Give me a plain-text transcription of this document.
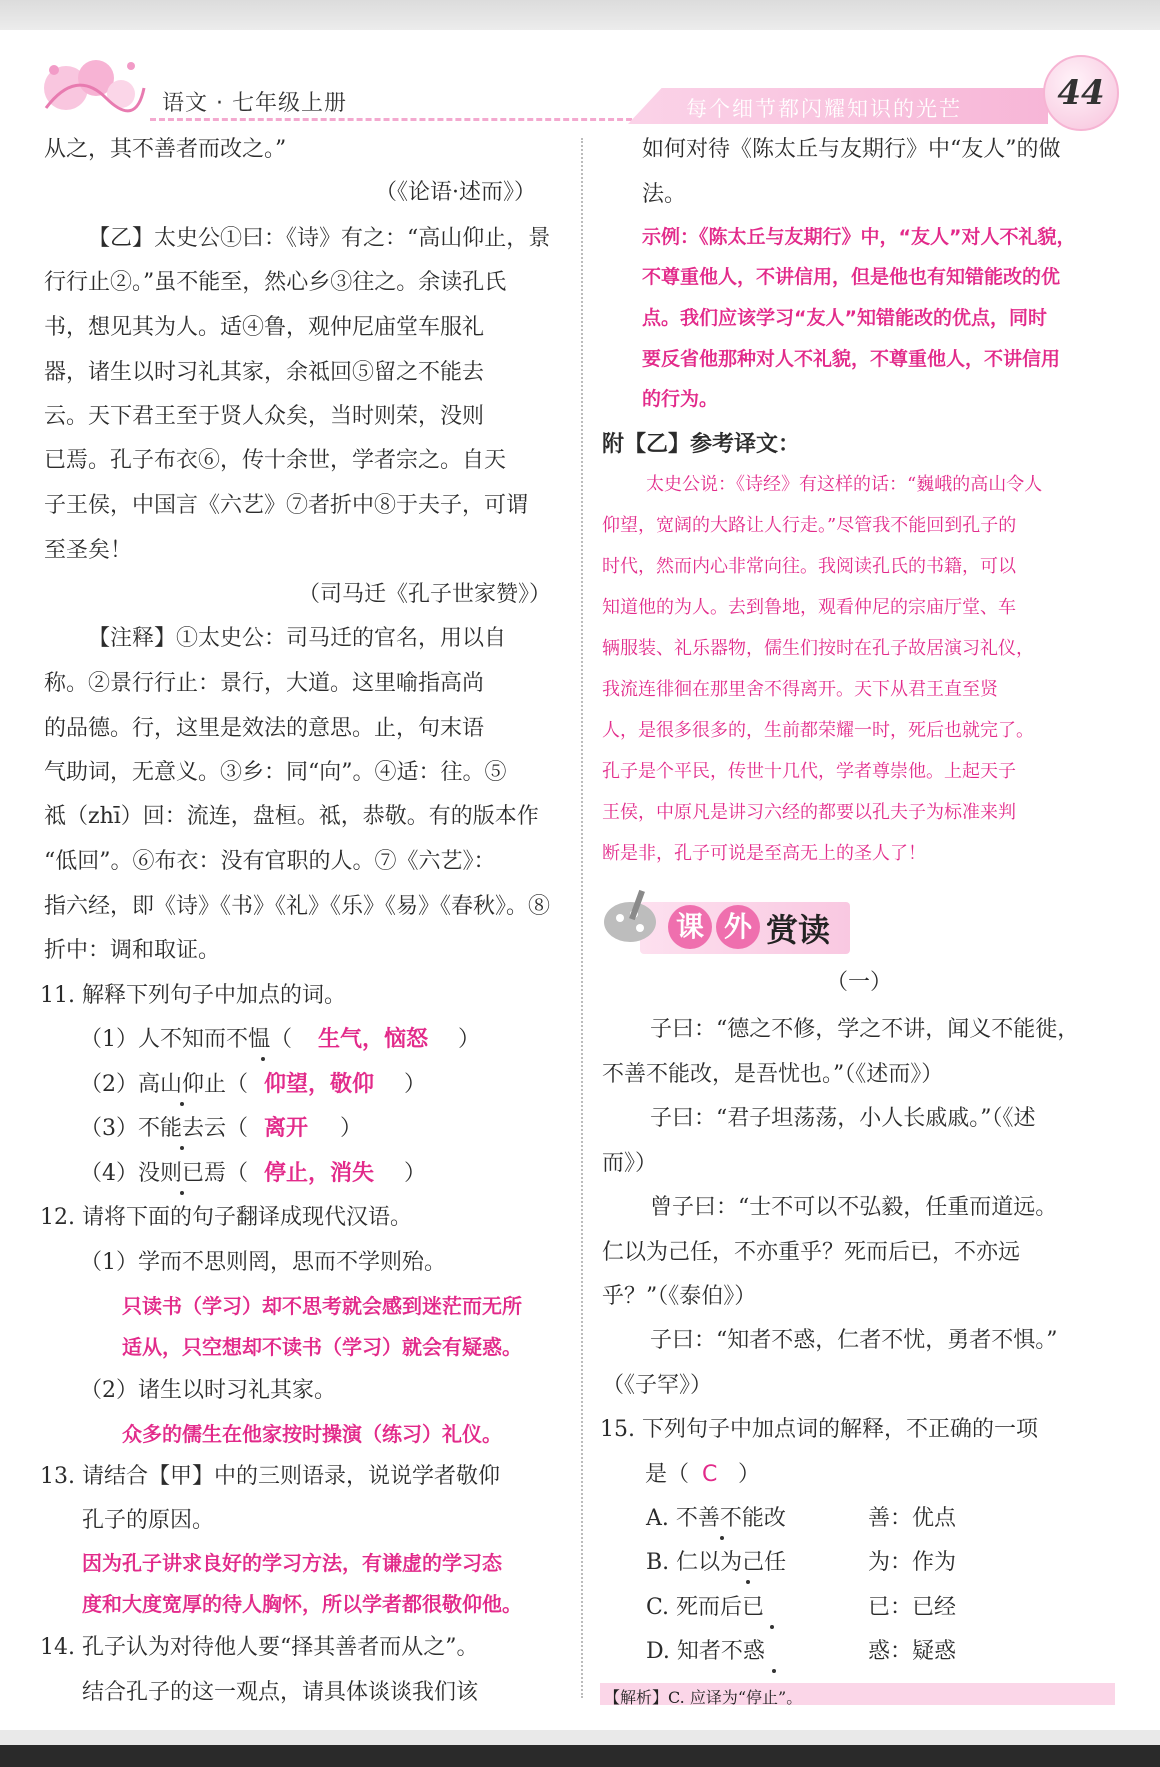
语文 · 七年级上册	每个细节都闪耀知识的光芒	44
从之，其不善者而改之。”
（《论语·述而》）
【乙】太史公①曰：《诗》有之：“高山仰止，景
行行止②。”虽不能至，然心乡③往之。余读孔氏
书，想见其为人。适④鲁，观仲尼庙堂车服礼
器，诸生以时习礼其家，余祗回⑤留之不能去
云。天下君王至于贤人众矣，当时则荣，没则
已焉。孔子布衣⑥，传十余世，学者宗之。自天
子王侯，中国言《六艺》⑦者折中⑧于夫子，可谓
至圣矣！
（司马迁《孔子世家赞》）
【注释】①太史公：司马迁的官名，用以自
称。②景行行止：景行，大道。这里喻指高尚
的品德。行，这里是效法的意思。止，句末语
气助词，无意义。③乡：同“向”。④适：往。⑤
祗（zhī）回：流连，盘桓。祗，恭敬。有的版本作
“低回”。⑥布衣：没有官职的人。⑦《六艺》：
指六经，即《诗》《书》《礼》《乐》《易》《春秋》。⑧
折中：调和取证。
11. 解释下列句子中加点的词。
（1）人不知而不愠（ 生气，恼怒 ）
（2）高山仰止（ 仰望，敬仰 ）
（3）不能去云（ 离开 ）
（4）没则已焉（ 停止，消失 ）
12. 请将下面的句子翻译成现代汉语。
（1）学而不思则罔，思而不学则殆。
只读书（学习）却不思考就会感到迷茫而无所
适从，只空想却不读书（学习）就会有疑惑。
（2）诸生以时习礼其家。
众多的儒生在他家按时操演（练习）礼仪。
13. 请结合【甲】中的三则语录，说说学者敬仰
孔子的原因。
因为孔子讲求良好的学习方法，有谦虚的学习态
度和大度宽厚的待人胸怀，所以学者都很敬仰他。
14. 孔子认为对待他人要“择其善者而从之”。
结合孔子的这一观点，请具体谈谈我们该
如何对待《陈太丘与友期行》中“友人”的做
法。
示例：《陈太丘与友期行》中，“友人”对人不礼貌，
不尊重他人，不讲信用，但是他也有知错能改的优
点。我们应该学习“友人”知错能改的优点，同时
要反省他那种对人不礼貌，不尊重他人，不讲信用
的行为。
附【乙】参考译文：
太史公说：《诗经》有这样的话：“巍峨的高山令人
仰望，宽阔的大路让人行走。”尽管我不能回到孔子的
时代，然而内心非常向往。我阅读孔氏的书籍，可以
知道他的为人。去到鲁地，观看仲尼的宗庙厅堂、车
辆服装、礼乐器物，儒生们按时在孔子故居演习礼仪，
我流连徘徊在那里舍不得离开。天下从君王直至贤
人，是很多很多的，生前都荣耀一时，死后也就完了。
孔子是个平民，传世十几代，学者尊崇他。上起天子
王侯，中原凡是讲习六经的都要以孔夫子为标准来判
断是非，孔子可说是至高无上的圣人了！
课 外 赏读
（一）
子曰：“德之不修，学之不讲，闻义不能徙，
不善不能改，是吾忧也。”（《述而》）
子曰：“君子坦荡荡，小人长戚戚。”（《述
而》）
曾子曰：“士不可以不弘毅，任重而道远。
仁以为己任，不亦重乎？死而后已，不亦远
乎？”（《泰伯》）
子曰：“知者不惑，仁者不忧，勇者不惧。”
（《子罕》）
15. 下列句子中加点词的解释，不正确的一项
是（ C ）
A. 不善不能改	善：优点
B. 仁以为己任	为：作为
C. 死而后已	已：已经
D. 知者不惑	惑：疑惑
【解析】C. 应译为“停止”。
